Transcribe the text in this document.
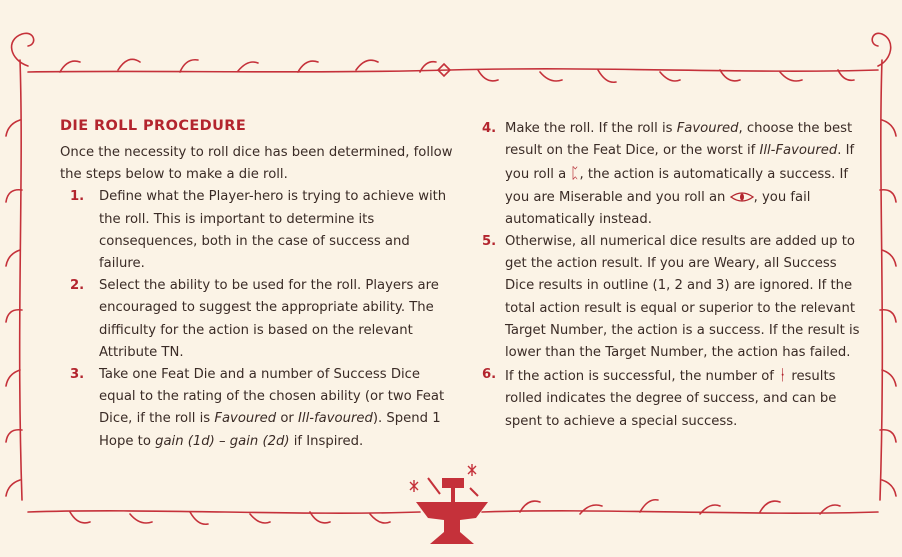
DIE ROLL PROCEDURE

Once the necessity to roll dice has been determined, follow the steps below to make a die roll.

1. Define what the Player-hero is trying to achieve with the roll. This is important to determine its consequences, both in the case of success and failure.
2. Select the ability to be used for the roll. Players are encouraged to suggest the appropriate ability. The difficulty for the action is based on the relevant Attribute TN.
3. Take one Feat Die and a number of Success Dice equal to the rating of the chosen ability (or two Feat Dice, if the roll is Favoured or Ill-favoured). Spend 1 Hope to gain (1d) – gain (2d) if Inspired.
4. Make the roll. If the roll is Favoured, choose the best result on the Feat Dice, or the worst if Ill-Favoured. If you roll a ᛈ, the action is automatically a success. If you are Miserable and you roll an , you fail automatically instead.
5. Otherwise, all numerical dice results are added up to get the action result. If you are Weary, all Success Dice results in outline (1, 2 and 3) are ignored. If the total action result is equal or superior to the relevant Target Number, the action is a success. If the result is lower than the Target Number, the action has failed.
6. If the action is successful, the number of ᛂ results rolled indicates the degree of success, and can be spent to achieve a special success.
